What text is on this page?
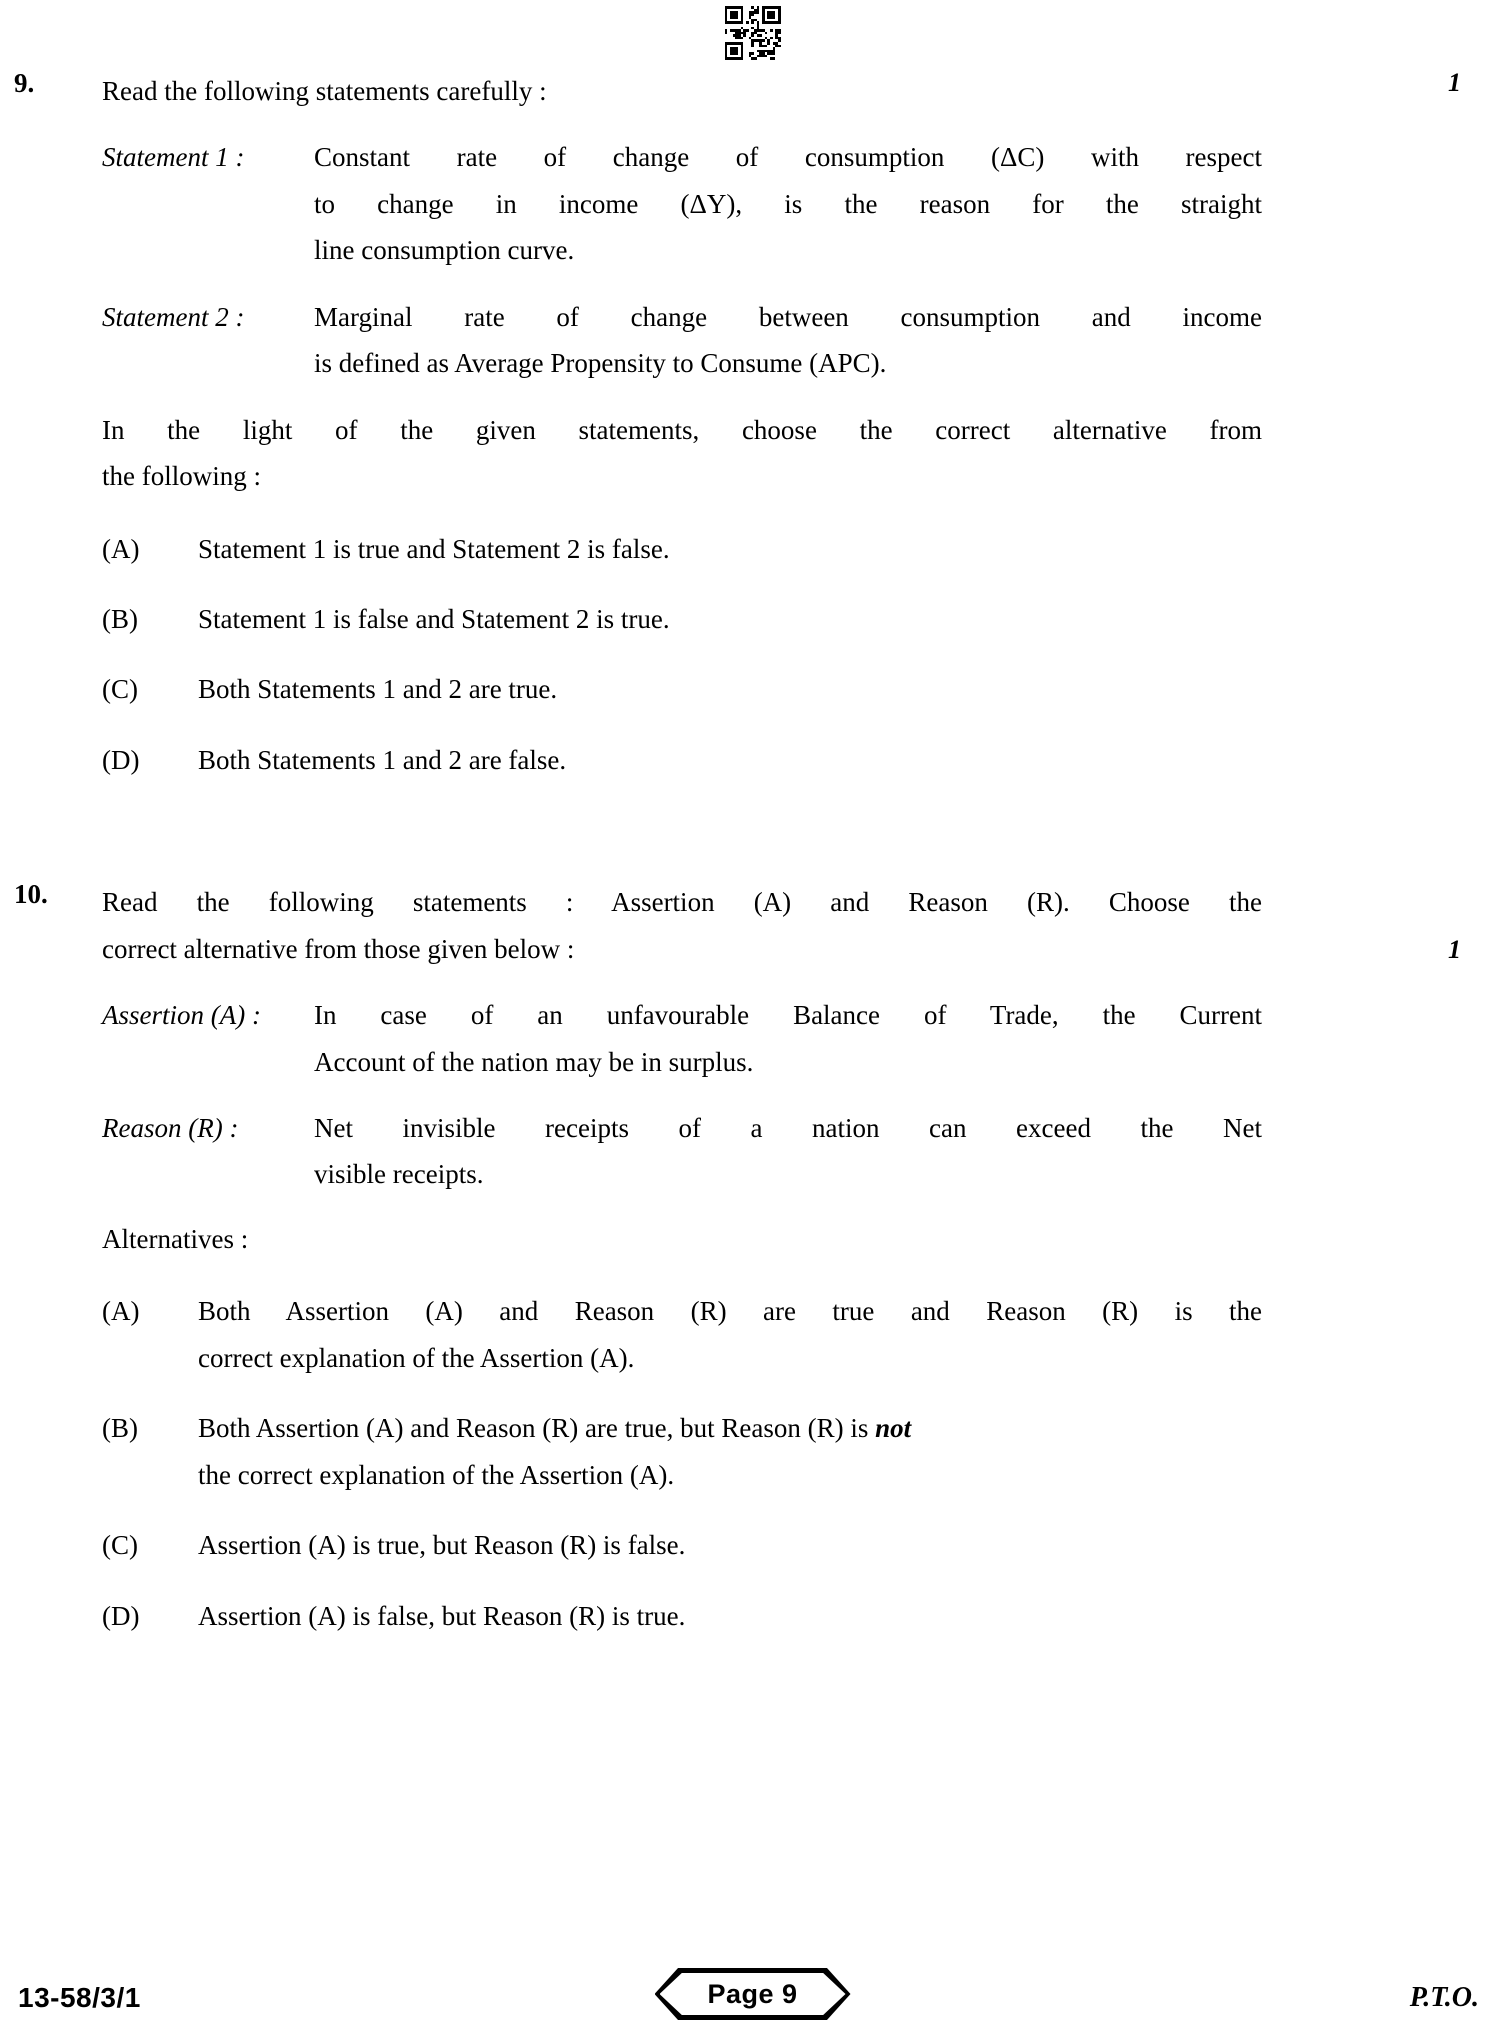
9.	Read the following statements carefully :
Statement 1 :	Constant rate of change of consumption (ΔC) with respect
to change in income (ΔY), is the reason for the straight
line consumption curve.
Statement 2 :	Marginal rate of change between consumption and income
is defined as Average Propensity to Consume (APC).
In the light of the given statements, choose the correct alternative from
the following :
(A)	Statement 1 is true and Statement 2 is false.
(B)	Statement 1 is false and Statement 2 is true.
(C)	Both Statements 1 and 2 are true.
(D)	Both Statements 1 and 2 are false.
1
10.	Read the following statements : Assertion (A) and Reason (R). Choose the
correct alternative from those given below :
Assertion (A) :	In case of an unfavourable Balance of Trade, the Current
Account of the nation may be in surplus.
Reason (R) :	Net invisible receipts of a nation can exceed the Net
visible receipts.
Alternatives :
(A)	Both Assertion (A) and Reason (R) are true and Reason (R) is the
correct explanation of the Assertion (A).
(B)	Both Assertion (A) and Reason (R) are true, but Reason (R) is not
the correct explanation of the Assertion (A).
(C)	Assertion (A) is true, but Reason (R) is false.
(D)	Assertion (A) is false, but Reason (R) is true.
1
13-58/3/1	Page 9	P.T.O.
